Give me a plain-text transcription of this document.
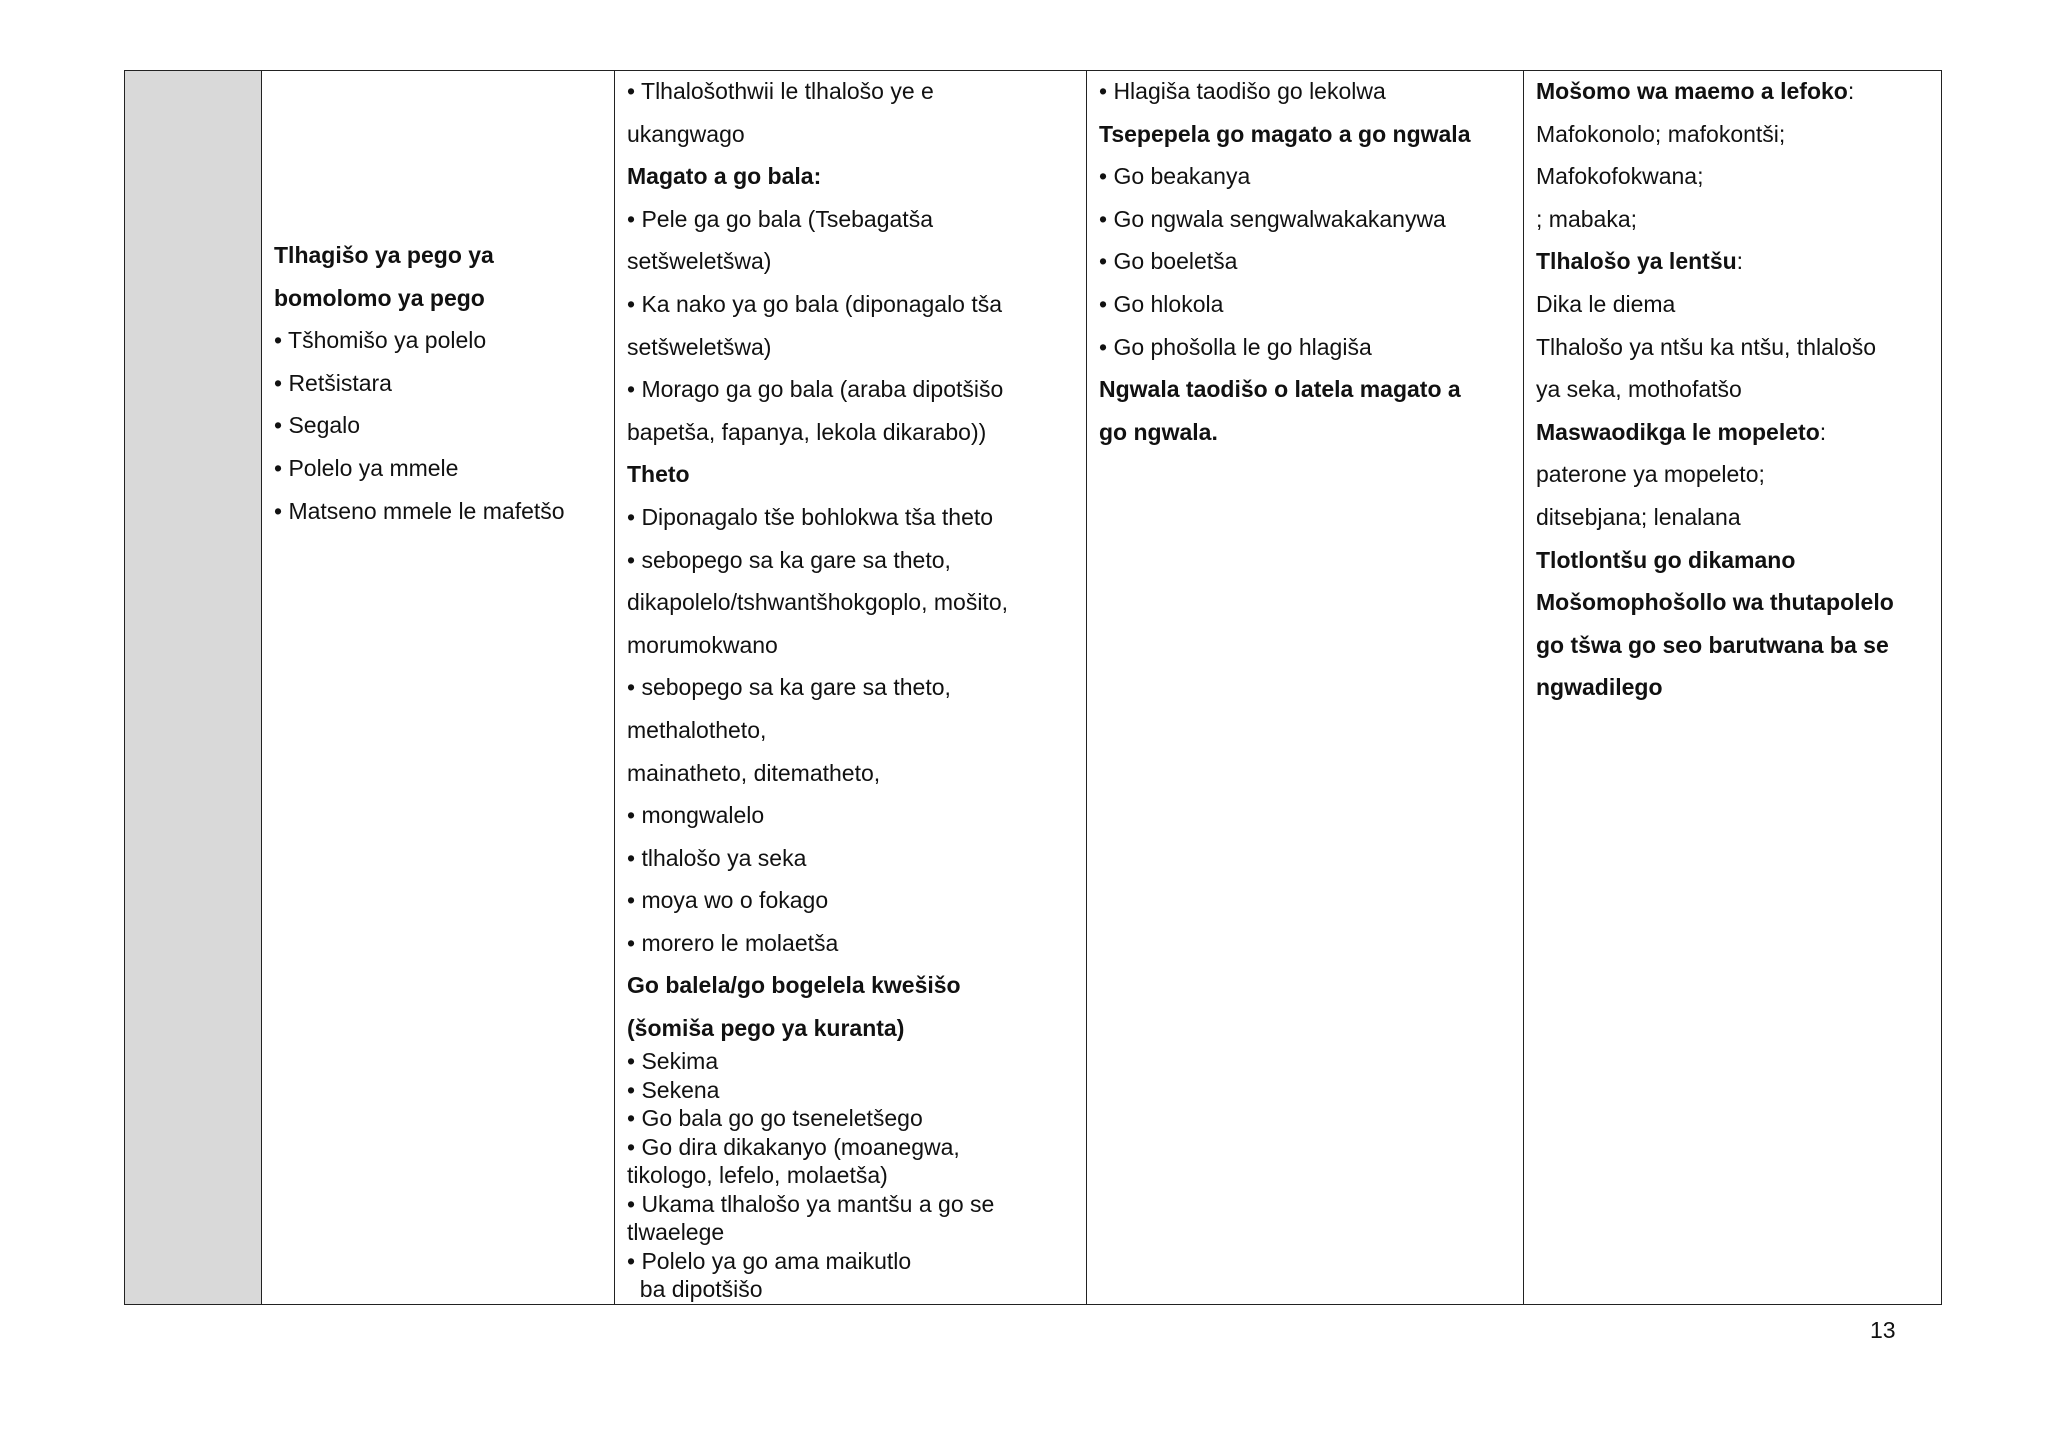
Tlhagišo ya pego ya
bomolomo ya pego
• Tšhomišo ya polelo
• Retšistara
• Segalo
• Polelo ya mmele
• Matseno mmele le mafetšo
• Tlhalošothwii le tlhalošo ye e
ukangwago
Magato a go bala:
• Pele ga go bala (Tsebagatša
setšweletšwa)
• Ka nako ya go bala (diponagalo tša
setšweletšwa)
• Morago ga go bala (araba dipotšišo
bapetša, fapanya, lekola dikarabo))
Theto
• Diponagalo tše bohlokwa tša theto
• sebopego sa ka gare sa theto,
dikapolelo/tshwantšhokgoplo, mošito,
morumokwano
• sebopego sa ka gare sa theto,
methalotheto,
mainatheto, ditematheto,
• mongwalelo
• tlhalošo ya seka
• moya wo o fokago
• morero le molaetša
Go balela/go bogelela kwešišo
(šomiša pego ya kuranta)
• Sekima
• Sekena
• Go bala go go tseneletšego
• Go dira dikakanyo (moanegwa,
tikologo, lefelo, molaetša)
• Ukama tlhalošo ya mantšu a go se
tlwaelege
• Polelo ya go ama maikutlo
ba dipotšišo
• Hlagiša taodišo go lekolwa
Tsepepela go magato a go ngwala
• Go beakanya
• Go ngwala sengwalwakakanywa
• Go boeletša
• Go hlokola
• Go phošolla le go hlagiša
Ngwala taodišo o latela magato a
go ngwala.
Mošomo wa maemo a lefoko:
Mafokonolo; mafokontši;
Mafokofokwana;
; mabaka;
Tlhalošo ya lentšu:
Dika le diema
Tlhalošo ya ntšu ka ntšu, thlalošo
ya seka, mothofatšo
Maswaodikga le mopeleto:
paterone ya mopeleto;
ditsebjana; lenalana
Tlotlontšu go dikamano
Mošomophošollo wa thutapolelo
go tšwa go seo barutwana ba se
ngwadilego
13
